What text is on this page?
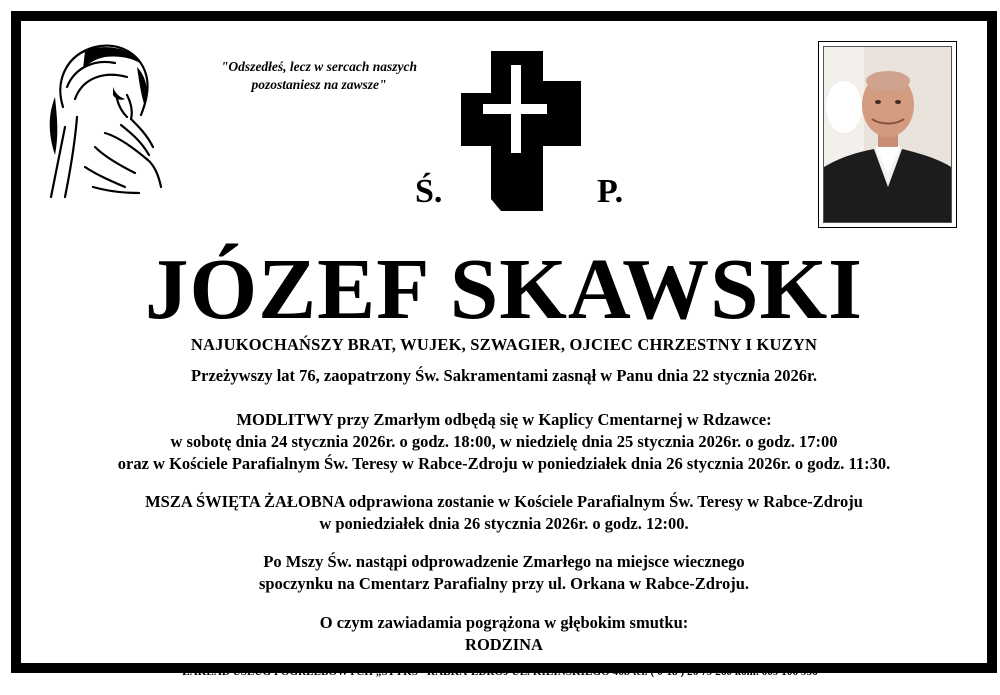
"Odszedłeś, lecz w sercach naszych
pozostaniesz na zawsze"
Ś.	P.
JÓZEF SKAWSKI
NAJUKOCHAŃSZY BRAT, WUJEK, SZWAGIER, OJCIEC CHRZESTNY I KUZYN
Przeżywszy lat 76, zaopatrzony Św. Sakramentami zasnął w Panu dnia 22 stycznia 2026r.
MODLITWY przy Zmarłym odbędą się w Kaplicy Cmentarnej w Rdzawce:
w sobotę dnia 24 stycznia 2026r. o godz. 18:00, w niedzielę dnia 25 stycznia 2026r. o godz. 17:00
oraz w Kościele Parafialnym Św. Teresy w Rabce-Zdroju w poniedziałek dnia 26 stycznia 2026r. o godz. 11:30.
MSZA ŚWIĘTA ŻAŁOBNA odprawiona zostanie w Kościele Parafialnym Św. Teresy w Rabce-Zdroju
w poniedziałek dnia 26 stycznia 2026r. o godz. 12:00.
Po Mszy Św. nastąpi odprowadzenie Zmarłego na miejsce wiecznego
spoczynku na Cmentarz Parafialny przy ul. Orkana w Rabce-Zdroju.
O czym zawiadamia pogrążona w głębokim smutku:
RODZINA
ZAKŁAD USŁUG POGRZEBOWYCH „STYKS" RABKA-ZDRÓJ UL. KILIŃSKIEGO 46b tel. ( 0-18 ) 26 79 260 kom. 609 106 956
